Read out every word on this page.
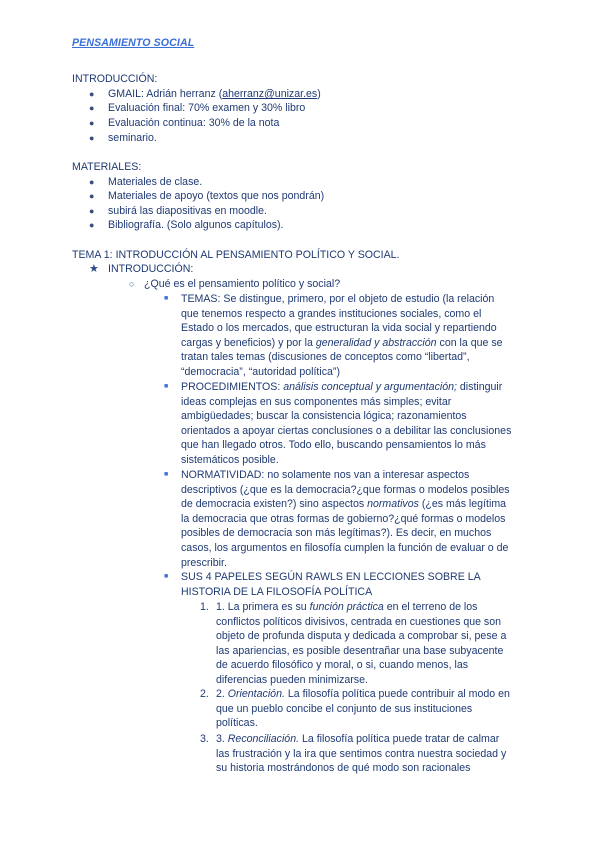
PENSAMIENTO SOCIAL
INTRODUCCIÓN:
● GMAIL: Adrián herranz (aherranz@unizar.es)
● Evaluación final: 70% examen y 30% libro
● Evaluación continua: 30% de la nota
● seminario.
MATERIALES:
● Materiales de clase.
● Materiales de apoyo (textos que nos pondrán)
● subirá las diapositivas en moodle.
● Bibliografía. (Solo algunos capítulos).
TEMA 1: INTRODUCCIÓN AL PENSAMIENTO POLÍTICO Y SOCIAL.
★ INTRODUCCIÓN:
○ ¿Qué es el pensamiento político y social?
■ TEMAS: Se distingue, primero, por el objeto de estudio (la relación
que tenemos respecto a grandes instituciones sociales, como el
Estado o los mercados, que estructuran la vida social y repartiendo
cargas y beneficios) y por la generalidad y abstracción con la que se
tratan tales temas (discusiones de conceptos como “libertad”,
“democracia”, “autoridad política”)
■ PROCEDIMIENTOS: análisis conceptual y argumentación; distinguir
ideas complejas en sus componentes más simples; evitar
ambigüedades; buscar la consistencia lógica; razonamientos
orientados a apoyar ciertas conclusiones o a debilitar las conclusiones
que han llegado otros. Todo ello, buscando pensamientos lo más
sistemáticos posible.
■ NORMATIVIDAD: no solamente nos van a interesar aspectos
descriptivos (¿que es la democracia?¿que formas o modelos posibles
de democracia existen?) sino aspectos normativos (¿es más legítima
la democracia que otras formas de gobierno?¿qué formas o modelos
posibles de democracia son más legítimas?). Es decir, en muchos
casos, los argumentos en filosofía cumplen la función de evaluar o de
prescribir.
■ SUS 4 PAPELES SEGÚN RAWLS EN LECCIONES SOBRE LA
HISTORIA DE LA FILOSOFÍA POLÍTICA
1. 1. La primera es su función práctica en el terreno de los
conflictos políticos divisivos, centrada en cuestiones que son
objeto de profunda disputa y dedicada a comprobar si, pese a
las apariencias, es posible desentrañar una base subyacente
de acuerdo filosófico y moral, o si, cuando menos, las
diferencias pueden minimizarse.
2. 2. Orientación. La filosofía política puede contribuir al modo en
que un pueblo concibe el conjunto de sus instituciones
políticas.
3. 3. Reconciliación. La filosofía política puede tratar de calmar
las frustración y la ira que sentimos contra nuestra sociedad y
su historia mostrándonos de qué modo son racionales
